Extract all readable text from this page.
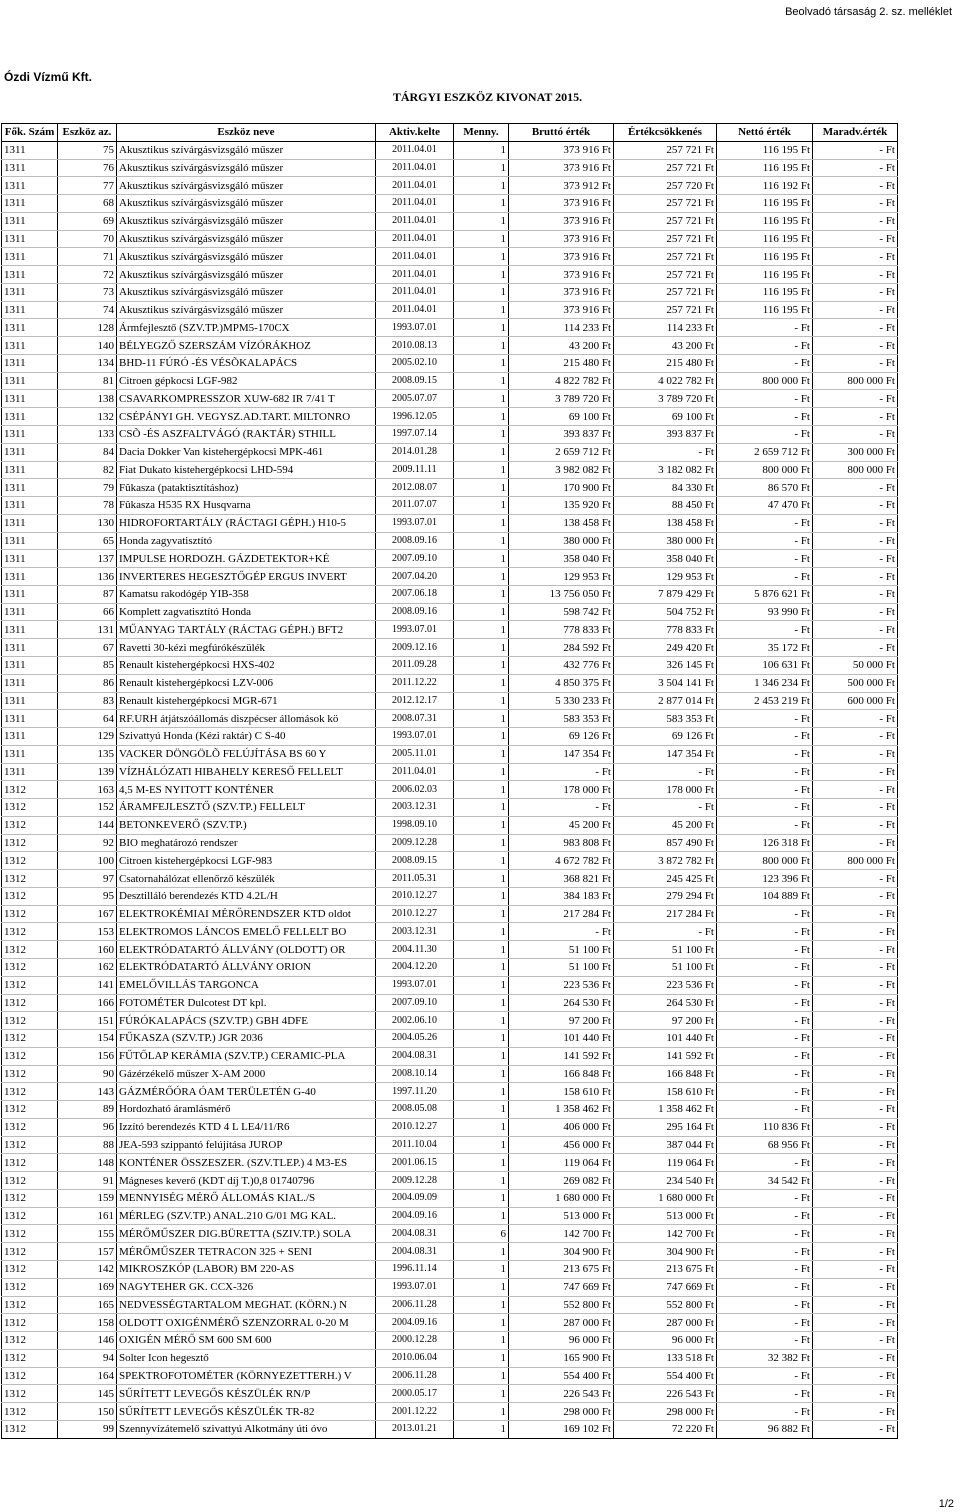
Beolvadó társaság 2. sz. melléklet
Ózdi Vízmű Kft.
TÁRGYI ESZKÖZ KIVONAT 2015.
Fők. Szám	Eszköz az.	Eszköz neve	Aktiv.kelte	Menny.	Bruttó érték	Értékcsökkenés	Nettó érték	Maradv.érték
1311	75	Akusztikus szívárgásvizsgáló műszer	2011.04.01	1	373 916 Ft	257 721 Ft	116 195 Ft	- Ft
1311	76	Akusztikus szívárgásvizsgáló műszer	2011.04.01	1	373 916 Ft	257 721 Ft	116 195 Ft	- Ft
1311	77	Akusztikus szívárgásvizsgáló műszer	2011.04.01	1	373 912 Ft	257 720 Ft	116 192 Ft	- Ft
1311	68	Akusztikus szívárgásvizsgáló műszer	2011.04.01	1	373 916 Ft	257 721 Ft	116 195 Ft	- Ft
1311	69	Akusztikus szívárgásvizsgáló műszer	2011.04.01	1	373 916 Ft	257 721 Ft	116 195 Ft	- Ft
1311	70	Akusztikus szívárgásvizsgáló műszer	2011.04.01	1	373 916 Ft	257 721 Ft	116 195 Ft	- Ft
1311	71	Akusztikus szívárgásvizsgáló műszer	2011.04.01	1	373 916 Ft	257 721 Ft	116 195 Ft	- Ft
1311	72	Akusztikus szívárgásvizsgáló műszer	2011.04.01	1	373 916 Ft	257 721 Ft	116 195 Ft	- Ft
1311	73	Akusztikus szívárgásvizsgáló műszer	2011.04.01	1	373 916 Ft	257 721 Ft	116 195 Ft	- Ft
1311	74	Akusztikus szívárgásvizsgáló műszer	2011.04.01	1	373 916 Ft	257 721 Ft	116 195 Ft	- Ft
1311	128	Ármfejlesztő (SZV.TP.)MPM5-170CX	1993.07.01	1	114 233 Ft	114 233 Ft	- Ft	- Ft
1311	140	BÉLYEGZŐ SZERSZÁM VÍZÓRÁKHOZ	2010.08.13	1	43 200 Ft	43 200 Ft	- Ft	- Ft
1311	134	BHD-11 FÚRÓ -ÉS VÉSÕKALAPÁCS	2005.02.10	1	215 480 Ft	215 480 Ft	- Ft	- Ft
1311	81	Citroen gépkocsi LGF-982	2008.09.15	1	4 822 782 Ft	4 022 782 Ft	800 000 Ft	800 000 Ft
1311	138	CSAVARKOMPRESSZOR XUW-682 IR 7/41 T	2005.07.07	1	3 789 720 Ft	3 789 720 Ft	- Ft	- Ft
1311	132	CSÉPÁNYI GH. VEGYSZ.AD.TART. MILTONRO	1996.12.05	1	69 100 Ft	69 100 Ft	- Ft	- Ft
1311	133	CSÕ -ÉS ASZFALTVÁGÓ (RAKTÁR) STHILL	1997.07.14	1	393 837 Ft	393 837 Ft	- Ft	- Ft
1311	84	Dacia Dokker Van kistehergépkocsi MPK-461	2014.01.28	1	2 659 712 Ft	- Ft	2 659 712 Ft	300 000 Ft
1311	82	Fiat Dukato kistehergépkocsi LHD-594	2009.11.11	1	3 982 082 Ft	3 182 082 Ft	800 000 Ft	800 000 Ft
1311	79	Fûkasza (pataktisztításhoz)	2012.08.07	1	170 900 Ft	84 330 Ft	86 570 Ft	- Ft
1311	78	Fûkasza H535 RX Husqvarna	2011.07.07	1	135 920 Ft	88 450 Ft	47 470 Ft	- Ft
1311	130	HIDROFORTARTÁLY (RÁCTAGI GÉPH.) H10-5	1993.07.01	1	138 458 Ft	138 458 Ft	- Ft	- Ft
1311	65	Honda zagyvatisztító	2008.09.16	1	380 000 Ft	380 000 Ft	- Ft	- Ft
1311	137	IMPULSE HORDOZH. GÁZDETEKTOR+KÉ	2007.09.10	1	358 040 Ft	358 040 Ft	- Ft	- Ft
1311	136	INVERTERES HEGESZTŐGÉP ERGUS INVERT	2007.04.20	1	129 953 Ft	129 953 Ft	- Ft	- Ft
1311	87	Kamatsu rakodógép YIB-358	2007.06.18	1	13 756 050 Ft	7 879 429 Ft	5 876 621 Ft	- Ft
1311	66	Komplett zagvatisztító Honda	2008.09.16	1	598 742 Ft	504 752 Ft	93 990 Ft	- Ft
1311	131	MŰANYAG TARTÁLY (RÁCTAG GÉPH.) BFT2	1993.07.01	1	778 833 Ft	778 833 Ft	- Ft	- Ft
1311	67	Ravetti 30-kézi megfúrókészülék	2009.12.16	1	284 592 Ft	249 420 Ft	35 172 Ft	- Ft
1311	85	Renault kistehergépkocsi HXS-402	2011.09.28	1	432 776 Ft	326 145 Ft	106 631 Ft	50 000 Ft
1311	86	Renault kistehergépkocsi LZV-006	2011.12.22	1	4 850 375 Ft	3 504 141 Ft	1 346 234 Ft	500 000 Ft
1311	83	Renault kistehergépkocsi MGR-671	2012.12.17	1	5 330 233 Ft	2 877 014 Ft	2 453 219 Ft	600 000 Ft
1311	64	RF.URH átjátszóállomás diszpécser állomások kö	2008.07.31	1	583 353 Ft	583 353 Ft	- Ft	- Ft
1311	129	Szivattyú Honda (Kézi raktár) C S-40	1993.07.01	1	69 126 Ft	69 126 Ft	- Ft	- Ft
1311	135	VACKER DÖNGÖLÕ FELÚJÍTÁSA BS 60 Y	2005.11.01	1	147 354 Ft	147 354 Ft	- Ft	- Ft
1311	139	VÍZHÁLÓZATI HIBAHELY KERESŐ FELLELT	2011.04.01	1	- Ft	- Ft	- Ft	- Ft
1312	163	4,5 M-ES NYITOTT KONTÉNER	2006.02.03	1	178 000 Ft	178 000 Ft	- Ft	- Ft
1312	152	ÁRAMFEJLESZTŐ (SZV.TP.) FELLELT	2003.12.31	1	- Ft	- Ft	- Ft	- Ft
1312	144	BETONKEVERŐ (SZV.TP.)	1998.09.10	1	45 200 Ft	45 200 Ft	- Ft	- Ft
1312	92	BIO meghatározó rendszer	2009.12.28	1	983 808 Ft	857 490 Ft	126 318 Ft	- Ft
1312	100	Citroen kistehergépkocsi LGF-983	2008.09.15	1	4 672 782 Ft	3 872 782 Ft	800 000 Ft	800 000 Ft
1312	97	Csatornahálózat ellenőrző készülék	2011.05.31	1	368 821 Ft	245 425 Ft	123 396 Ft	- Ft
1312	95	Desztilláló berendezés KTD 4.2L/H	2010.12.27	1	384 183 Ft	279 294 Ft	104 889 Ft	- Ft
1312	167	ELEKTROKÉMIAI MÉRŐRENDSZER KTD oldot	2010.12.27	1	217 284 Ft	217 284 Ft	- Ft	- Ft
1312	153	ELEKTROMOS LÁNCOS EMELŐ FELLELT BO	2003.12.31	1	- Ft	- Ft	- Ft	- Ft
1312	160	ELEKTRÓDATARTÓ ÁLLVÁNY (OLDOTT) OR	2004.11.30	1	51 100 Ft	51 100 Ft	- Ft	- Ft
1312	162	ELEKTRÓDATARTÓ ÁLLVÁNY ORION	2004.12.20	1	51 100 Ft	51 100 Ft	- Ft	- Ft
1312	141	EMELŐVILLÁS TARGONCA	1993.07.01	1	223 536 Ft	223 536 Ft	- Ft	- Ft
1312	166	FOTOMÉTER Dulcotest DT kpl.	2007.09.10	1	264 530 Ft	264 530 Ft	- Ft	- Ft
1312	151	FÚRÓKALAPÁCS (SZV.TP.) GBH 4DFE	2002.06.10	1	97 200 Ft	97 200 Ft	- Ft	- Ft
1312	154	FŰKASZA (SZV.TP.) JGR 2036	2004.05.26	1	101 440 Ft	101 440 Ft	- Ft	- Ft
1312	156	FŰTŐLAP KERÁMIA (SZV.TP.) CERAMIC-PLA	2004.08.31	1	141 592 Ft	141 592 Ft	- Ft	- Ft
1312	90	Gázérzékelő műszer X-AM 2000	2008.10.14	1	166 848 Ft	166 848 Ft	- Ft	- Ft
1312	143	GÁZMÉRŐÓRA ÓAM TERÜLETÉN G-40	1997.11.20	1	158 610 Ft	158 610 Ft	- Ft	- Ft
1312	89	Hordozható áramlásmérő	2008.05.08	1	1 358 462 Ft	1 358 462 Ft	- Ft	- Ft
1312	96	Izzító berendezés KTD 4 L LE4/11/R6	2010.12.27	1	406 000 Ft	295 164 Ft	110 836 Ft	- Ft
1312	88	JEA-593 szippantó felújítása JUROP	2011.10.04	1	456 000 Ft	387 044 Ft	68 956 Ft	- Ft
1312	148	KONTÉNER ÖSSZESZER. (SZV.TLEP.) 4 M3-ES	2001.06.15	1	119 064 Ft	119 064 Ft	- Ft	- Ft
1312	91	Mágneses keverő (KDT díj T.)0,8 01740796	2009.12.28	1	269 082 Ft	234 540 Ft	34 542 Ft	- Ft
1312	159	MENNYISÉG MÉRŐ ÁLLOMÁS KIAL./S	2004.09.09	1	1 680 000 Ft	1 680 000 Ft	- Ft	- Ft
1312	161	MÉRLEG (SZV.TP.) ANAL.210 G/01 MG KAL.	2004.09.16	1	513 000 Ft	513 000 Ft	- Ft	- Ft
1312	155	MÉRŐMŰSZER DIG.BÜRETTA (SZIV.TP.) SOLA	2004.08.31	6	142 700 Ft	142 700 Ft	- Ft	- Ft
1312	157	MÉRŐMŰSZER TETRACON 325 + SENI	2004.08.31	1	304 900 Ft	304 900 Ft	- Ft	- Ft
1312	142	MIKROSZKÓP (LABOR) BM 220-AS	1996.11.14	1	213 675 Ft	213 675 Ft	- Ft	- Ft
1312	169	NAGYTEHER GK. CCX-326	1993.07.01	1	747 669 Ft	747 669 Ft	- Ft	- Ft
1312	165	NEDVESSÉGTARTALOM MEGHAT. (KÖRN.) N	2006.11.28	1	552 800 Ft	552 800 Ft	- Ft	- Ft
1312	158	OLDOTT OXIGÉNMÉRŐ SZENZORRAL 0-20 M	2004.09.16	1	287 000 Ft	287 000 Ft	- Ft	- Ft
1312	146	OXIGÉN MÉRŐ SM 600 SM 600	2000.12.28	1	96 000 Ft	96 000 Ft	- Ft	- Ft
1312	94	Solter Icon hegesztő	2010.06.04	1	165 900 Ft	133 518 Ft	32 382 Ft	- Ft
1312	164	SPEKTROFOTOMÉTER (KÖRNYEZETTERH.) V	2006.11.28	1	554 400 Ft	554 400 Ft	- Ft	- Ft
1312	145	SŰRÍTETT LEVEGŐS KÉSZÜLÉK RN/P	2000.05.17	1	226 543 Ft	226 543 Ft	- Ft	- Ft
1312	150	SŰRÍTETT LEVEGŐS KÉSZÜLÉK TR-82	2001.12.22	1	298 000 Ft	298 000 Ft	- Ft	- Ft
1312	99	Szennyvízátemelő szivattyú Alkotmány úti óvo	2013.01.21	1	169 102 Ft	72 220 Ft	96 882 Ft	- Ft
1/2
